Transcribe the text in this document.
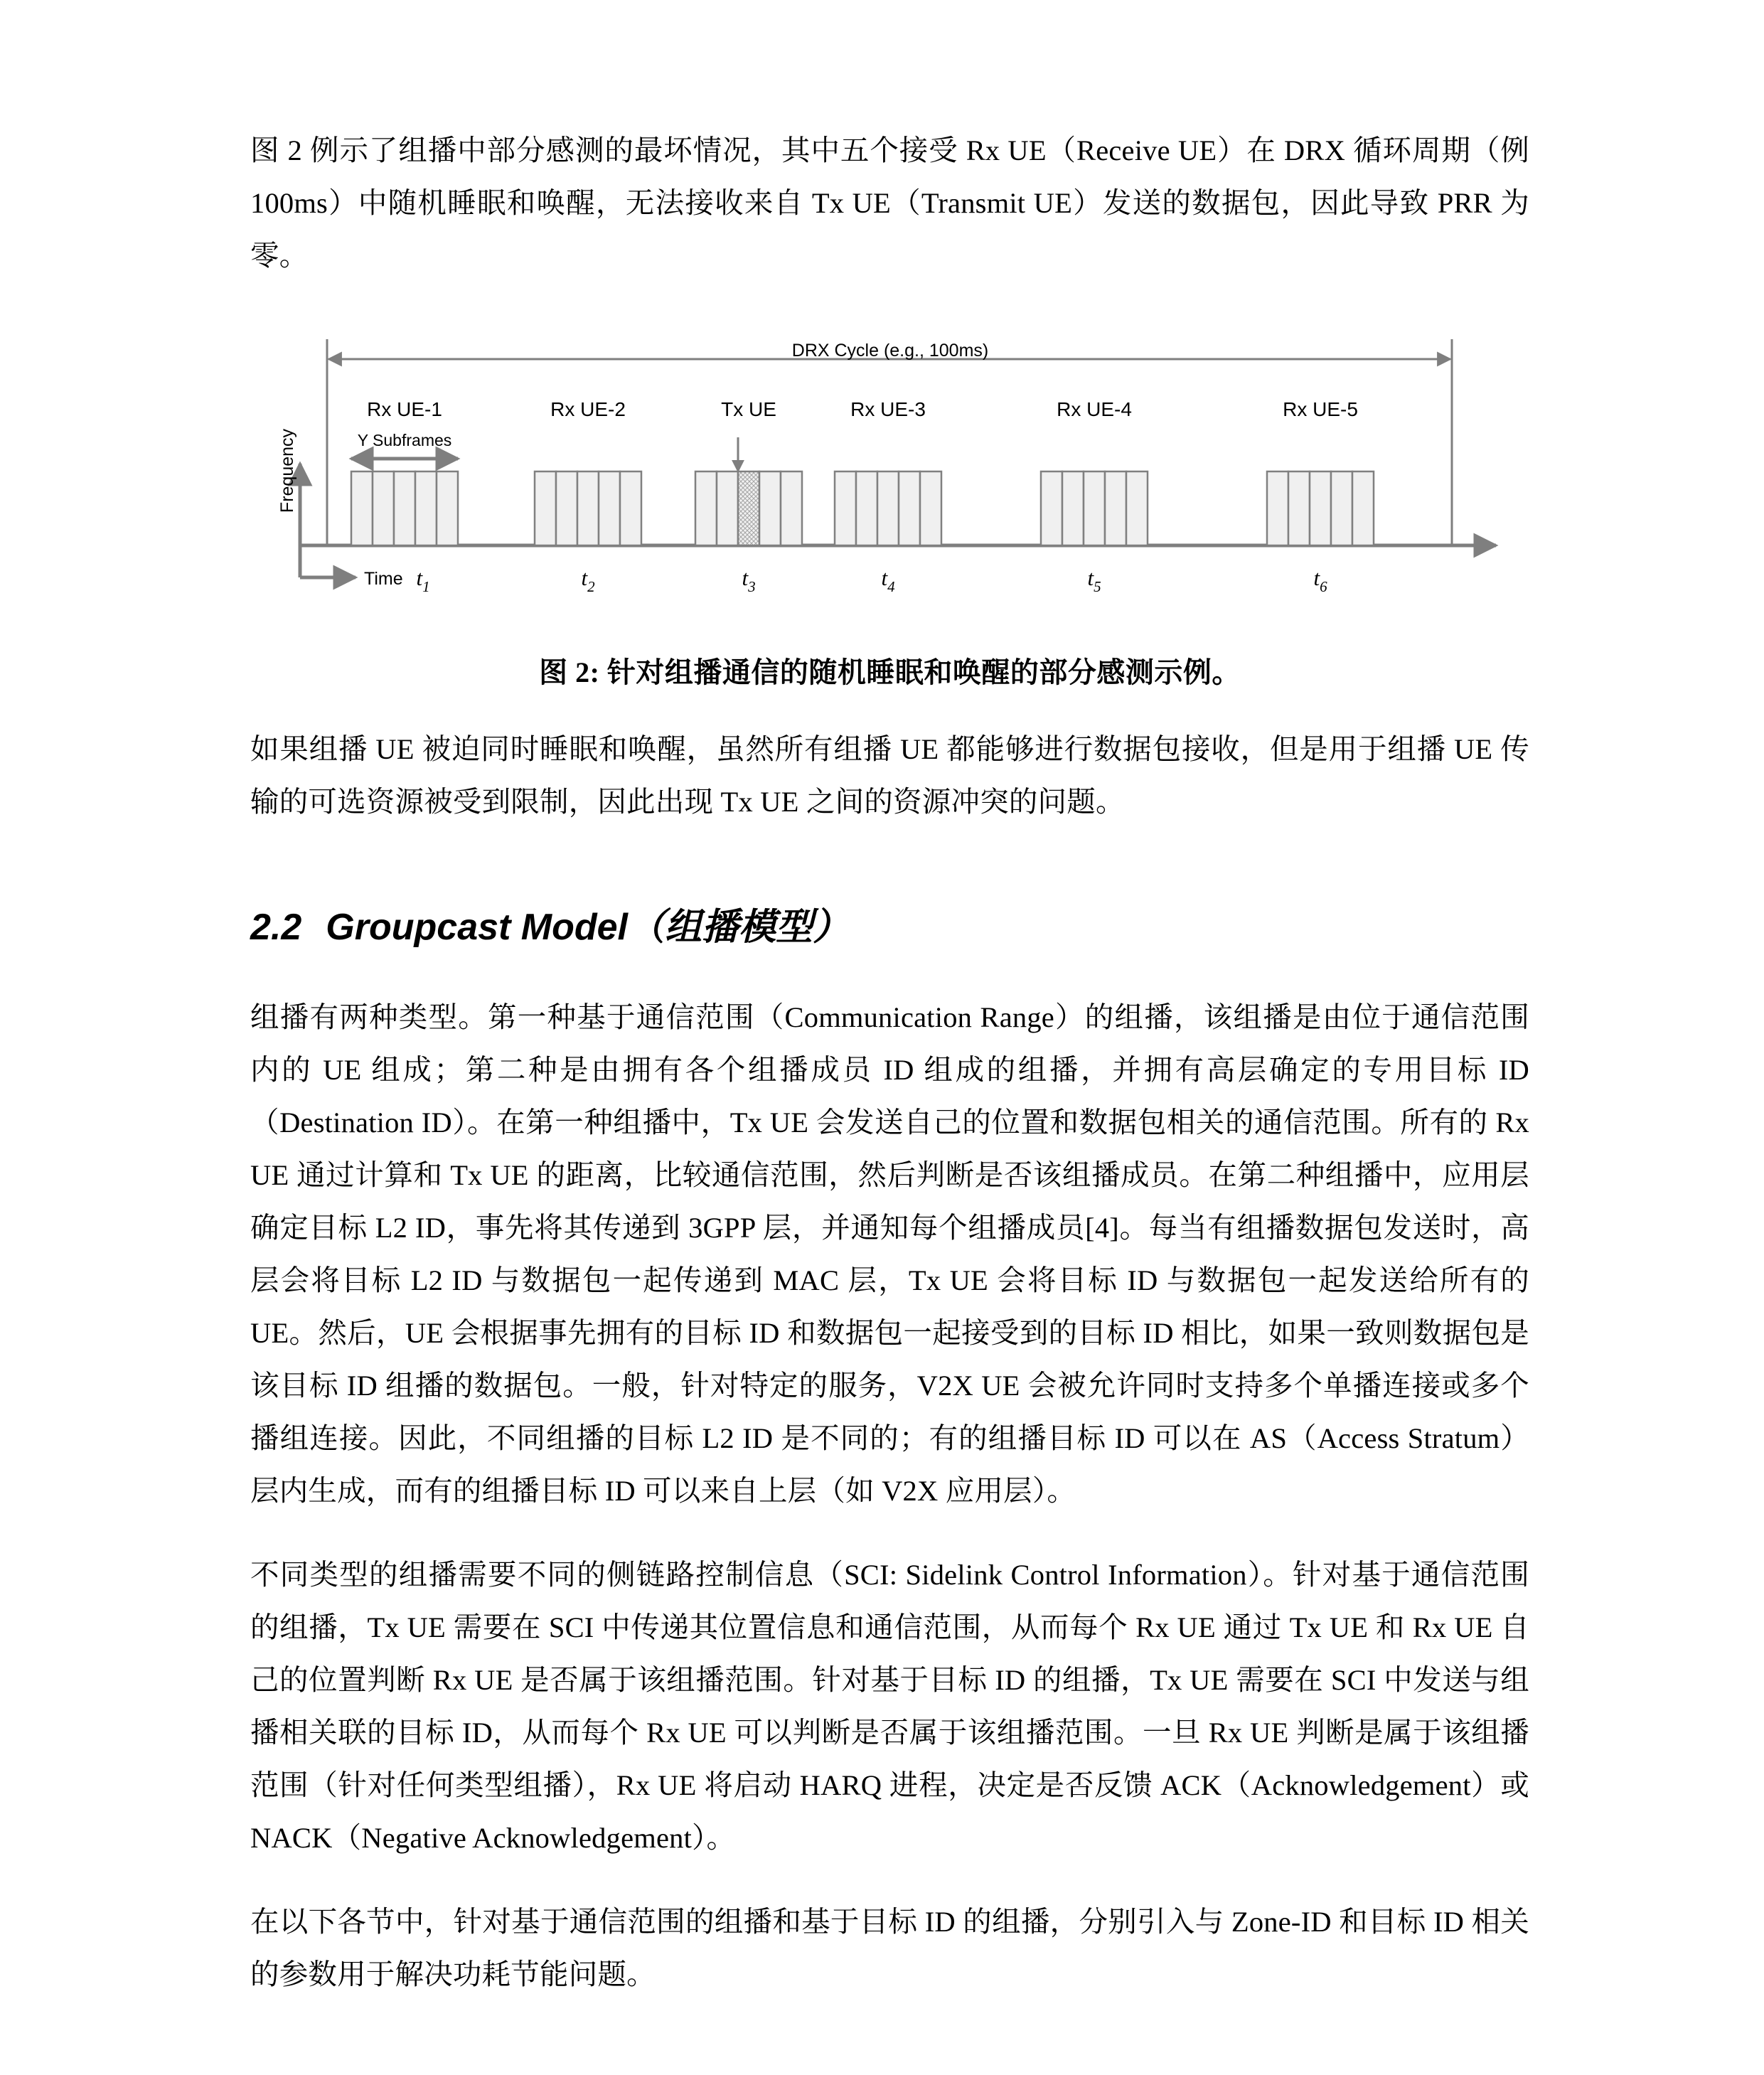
图 2 例示了组播中部分感测的最坏情况，其中五个接受 Rx UE（Receive UE）在 DRX 循环周期（例 100ms）中随机睡眠和唤醒，无法接收来自 Tx UE（Transmit UE）发送的数据包，因此导致 PRR 为零。

DRX Cycle (e.g., 100ms)
Rx UE-1	Rx UE-2	Tx UE	Rx UE-3	Rx UE-4	Rx UE-5
Y Subframes
Frequency
Time $t_1$	$t_2$	$t_3$	$t_4$	$t_5$	$t_6$
图 2: 针对组播通信的随机睡眠和唤醒的部分感测示例。

如果组播 UE 被迫同时睡眠和唤醒，虽然所有组播 UE 都能够进行数据包接收，但是用于组播 UE 传输的可选资源被受到限制，因此出现 Tx UE 之间的资源冲突的问题。

2.2 Groupcast Model（组播模型）

组播有两种类型。第一种基于通信范围（Communication Range）的组播，该组播是由位于通信范围内的 UE 组成；第二种是由拥有各个组播成员 ID 组成的组播，并拥有高层确定的专用目标 ID（Destination ID）。在第一种组播中，Tx UE 会发送自己的位置和数据包相关的通信范围。所有的 Rx UE 通过计算和 Tx UE 的距离，比较通信范围，然后判断是否该组播成员。在第二种组播中，应用层确定目标 L2 ID，事先将其传递到 3GPP 层，并通知每个组播成员[4]。每当有组播数据包发送时，高层会将目标 L2 ID 与数据包一起传递到 MAC 层，Tx UE 会将目标 ID 与数据包一起发送给所有的 UE。然后，UE 会根据事先拥有的目标 ID 和数据包一起接受到的目标 ID 相比，如果一致则数据包是该目标 ID 组播的数据包。一般，针对特定的服务，V2X UE 会被允许同时支持多个单播连接或多个播组连接。因此，不同组播的目标 L2 ID 是不同的；有的组播目标 ID 可以在 AS（Access Stratum）层内生成，而有的组播目标 ID 可以来自上层（如 V2X 应用层）。

不同类型的组播需要不同的侧链路控制信息（SCI: Sidelink Control Information）。针对基于通信范围的组播，Tx UE 需要在 SCI 中传递其位置信息和通信范围，从而每个 Rx UE 通过 Tx UE 和 Rx UE 自己的位置判断 Rx UE 是否属于该组播范围。针对基于目标 ID 的组播，Tx UE 需要在 SCI 中发送与组播相关联的目标 ID，从而每个 Rx UE 可以判断是否属于该组播范围。一旦 Rx UE 判断是属于该组播范围（针对任何类型组播），Rx UE 将启动 HARQ 进程，决定是否反馈 ACK（Acknowledgement）或 NACK（Negative Acknowledgement）。

在以下各节中，针对基于通信范围的组播和基于目标 ID 的组播，分别引入与 Zone-ID 和目标 ID 相关的参数用于解决功耗节能问题。
